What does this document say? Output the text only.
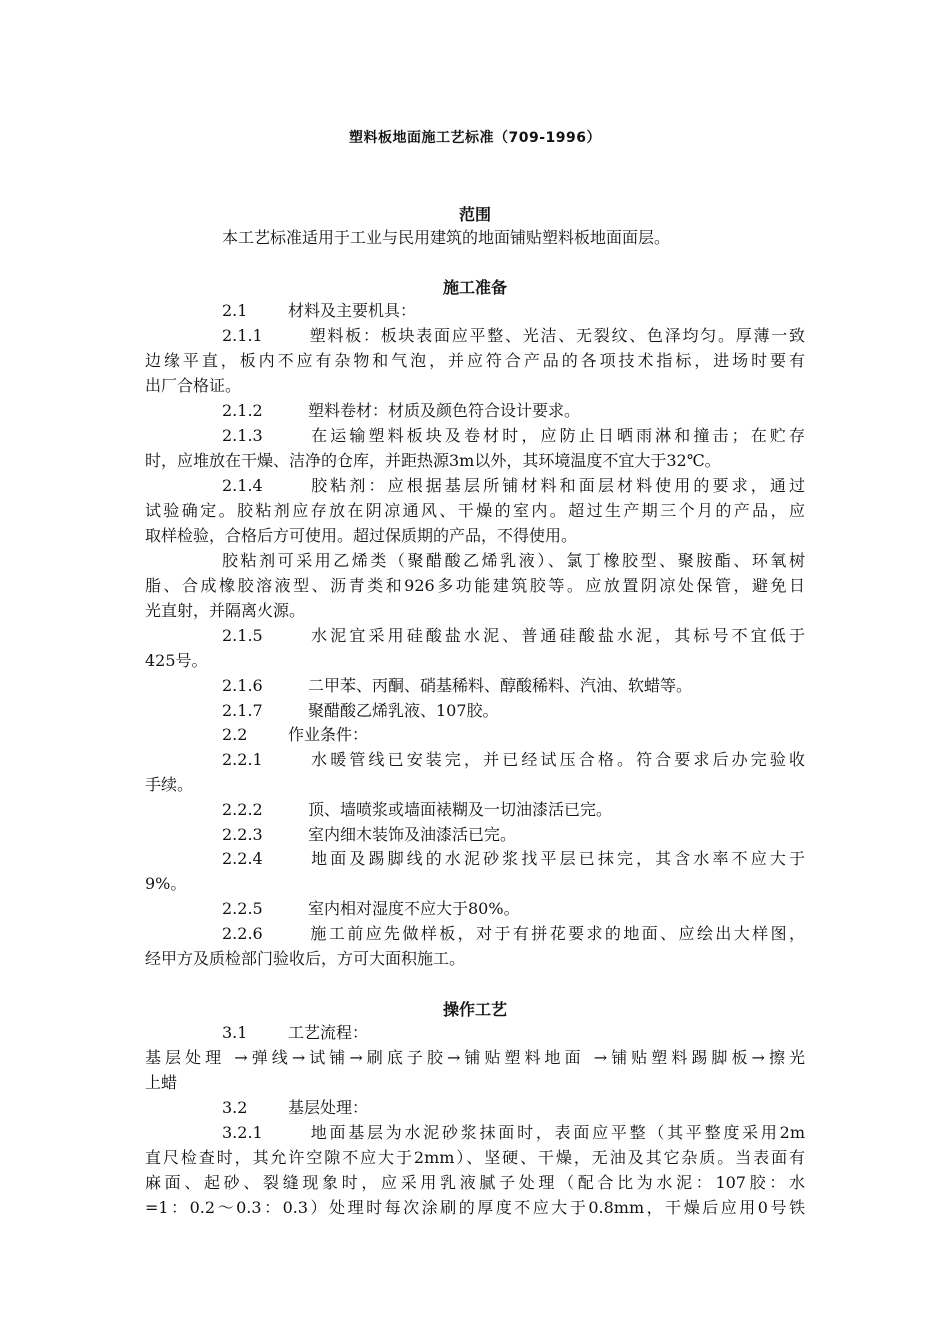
塑料板地面施工艺标准（709-1996）
范围
本工艺标准适用于工业与民用建筑的地面铺贴塑料板地面面层。
施工准备
2.1	材料及主要机具：
2.1.1	塑料板：板块表面应平整、光洁、无裂纹、色泽均匀。厚薄一致
边缘平直，板内不应有杂物和气泡，并应符合产品的各项技术指标，进场时要有
出厂合格证。
2.1.2	塑料卷材：材质及颜色符合设计要求。
2.1.3	在运输塑料板块及卷材时，应防止日晒雨淋和撞击；在贮存
时，应堆放在干燥、洁净的仓库，并距热源3m以外，其环境温度不宜大于32℃。
2.1.4	胶粘剂：应根据基层所铺材料和面层材料使用的要求，通过
试验确定。胶粘剂应存放在阴凉通风、干燥的室内。超过生产期三个月的产品，应
取样检验，合格后方可使用。超过保质期的产品，不得使用。
胶粘剂可采用乙烯类（聚醋酸乙烯乳液）、氯丁橡胶型、聚胺酯、环氧树
脂、合成橡胶溶液型、沥青类和926多功能建筑胶等。应放置阴凉处保管，避免日
光直射，并隔离火源。
2.1.5	水泥宜采用硅酸盐水泥、普通硅酸盐水泥，其标号不宜低于
425号。
2.1.6	二甲苯、丙酮、硝基稀料、醇酸稀料、汽油、软蜡等。
2.1.7	聚醋酸乙烯乳液、107胶。
2.2	作业条件：
2.2.1	水暖管线已安装完，并已经试压合格。符合要求后办完验收
手续。
2.2.2	顶、墙喷浆或墙面裱糊及一切油漆活已完。
2.2.3	室内细木装饰及油漆活已完。
2.2.4	地面及踢脚线的水泥砂浆找平层已抹完，其含水率不应大于
9%。
2.2.5	室内相对湿度不应大于80%。
2.2.6	施工前应先做样板，对于有拼花要求的地面、应绘出大样图，
经甲方及质检部门验收后，方可大面积施工。
操作工艺
3.1	工艺流程：
基层处理 →弹线→试铺→刷底子胶→铺贴塑料地面 →铺贴塑料踢脚板→擦光
上蜡
3.2	基层处理：
3.2.1	地面基层为水泥砂浆抹面时，表面应平整（其平整度采用2m
直尺检查时，其允许空隙不应大于2mm）、坚硬、干燥，无油及其它杂质。当表面有
麻面、起砂、裂缝现象时，应采用乳液腻子处理（配合比为水泥：107胶：水
=1：0.2～0.3：0.3）处理时每次涂刷的厚度不应大于0.8mm，干燥后应用0号铁
